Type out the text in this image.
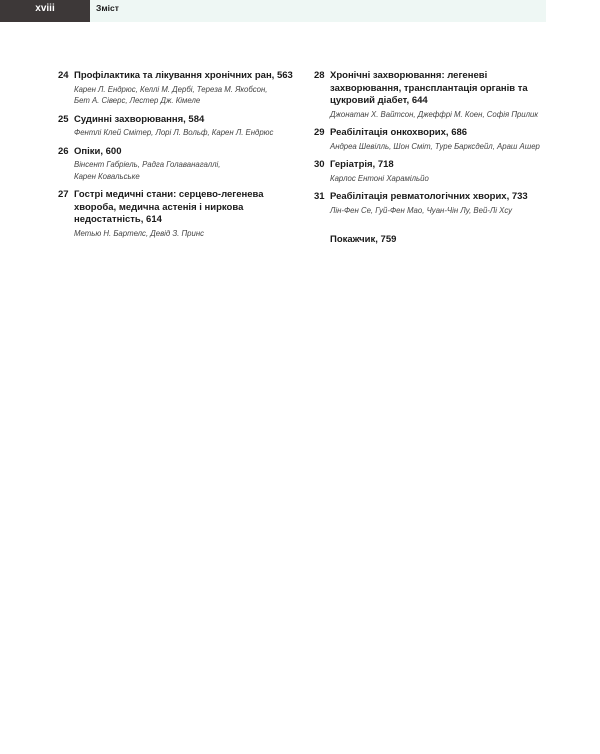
xviii	Зміст
24 Профілактика та лікування хронічних ран, 563
Карен Л. Ендрюс, Келлі М. Дербі, Тереза М. Якобсон,
Бет А. Сіверс, Лестер Дж. Кімеле
25 Судинні захворювання, 584
Фентлі Клей Смітер, Лорі Л. Вольф, Карен Л. Ендрюс
26 Опіки, 600
Вінсент Габріель, Радга Голаванагаллі,
Карен Ковальське
27 Гострі медичні стани: серцево-легенева хвороба, медична астенія і ниркова недостатність, 614
Метью Н. Бартелс, Девід З. Принс
28 Хронічні захворювання: легеневі захворювання, трансплантація органів та цукровий діабет, 644
Джонатан Х. Вайтсон, Джеффрі М. Коен, Софія Прилик
29 Реабілітація онкохворих, 686
Андреа Шевілль, Шон Сміт, Туре Барксдейл, Араш Ашер
30 Геріатрія, 718
Карлос Ентоні Харамільйо
31 Реабілітація ревматологічних хворих, 733
Лін-Фен Се, Гуй-Фен Мао, Чуан-Чін Лу, Вей-Лі Хсу
Покажчик, 759
